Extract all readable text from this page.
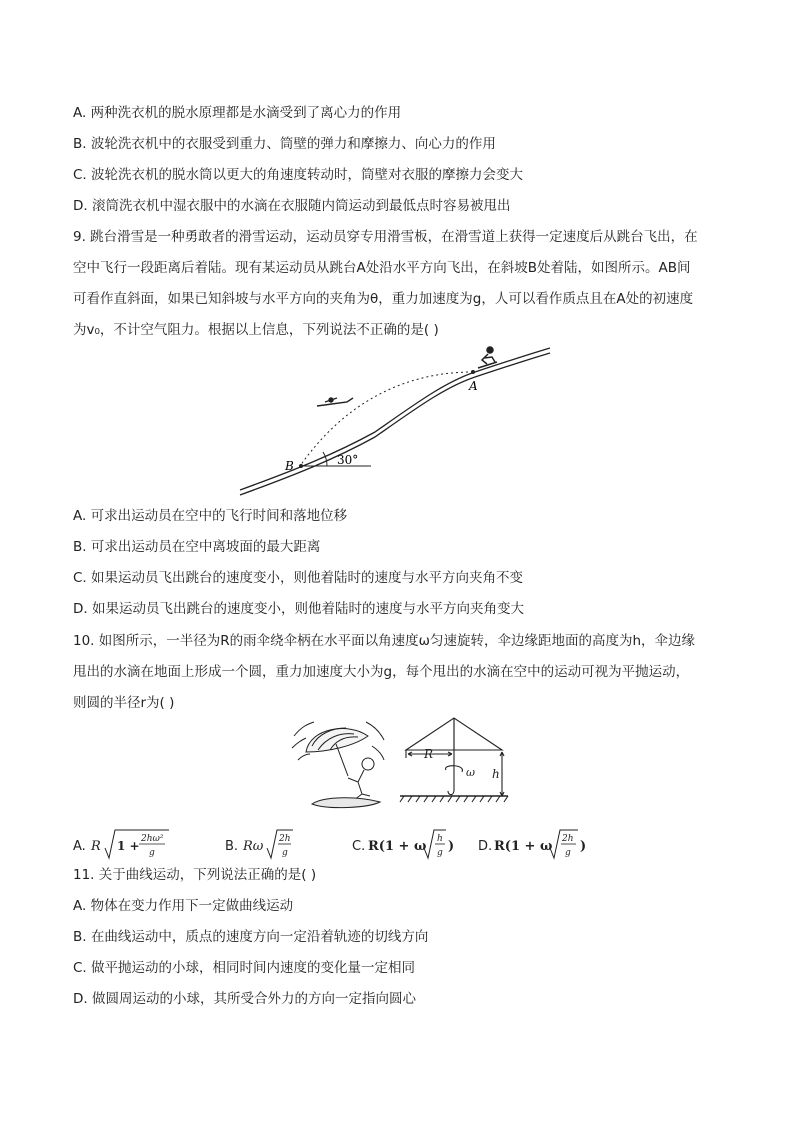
A. 两种洗衣机的脱水原理都是水滴受到了离心力的作用
B. 波轮洗衣机中的衣服受到重力、筒壁的弹力和摩擦力、向心力的作用
C. 波轮洗衣机的脱水筒以更大的角速度转动时，筒壁对衣服的摩擦力会变大
D. 滚筒洗衣机中湿衣服中的水滴在衣服随内筒运动到最低点时容易被甩出
9. 跳台滑雪是一种勇敢者的滑雪运动，运动员穿专用滑雪板，在滑雪道上获得一定速度后从跳台飞出，在
空中飞行一段距离后着陆。现有某运动员从跳台A处沿水平方向飞出，在斜坡B处着陆，如图所示。AB间
可看作直斜面，如果已知斜坡与水平方向的夹角为θ，重力加速度为g，人可以看作质点且在A处的初速度
为v₀，不计空气阻力。根据以上信息，下列说法不正确的是( )
A
B	30°
A. 可求出运动员在空中的飞行时间和落地位移
B. 可求出运动员在空中离坡面的最大距离
C. 如果运动员飞出跳台的速度变小，则他着陆时的速度与水平方向夹角不变
D. 如果运动员飞出跳台的速度变小，则他着陆时的速度与水平方向夹角变大
10. 如图所示，一半径为R的雨伞绕伞柄在水平面以角速度ω匀速旋转，伞边缘距地面的高度为h，伞边缘
甩出的水滴在地面上形成一个圆，重力加速度大小为g，每个甩出的水滴在空中的运动可视为平抛运动，
则圆的半径r为( )
R
ω h
A. R 1 + 2hω²
g	B. Rω 2h
g	C. R(1 + ω h
g ) D. R(1 + ω 2h
g )
11. 关于曲线运动，下列说法正确的是( )
A. 物体在变力作用下一定做曲线运动
B. 在曲线运动中，质点的速度方向一定沿着轨迹的切线方向
C. 做平抛运动的小球，相同时间内速度的变化量一定相同
D. 做圆周运动的小球，其所受合外力的方向一定指向圆心
